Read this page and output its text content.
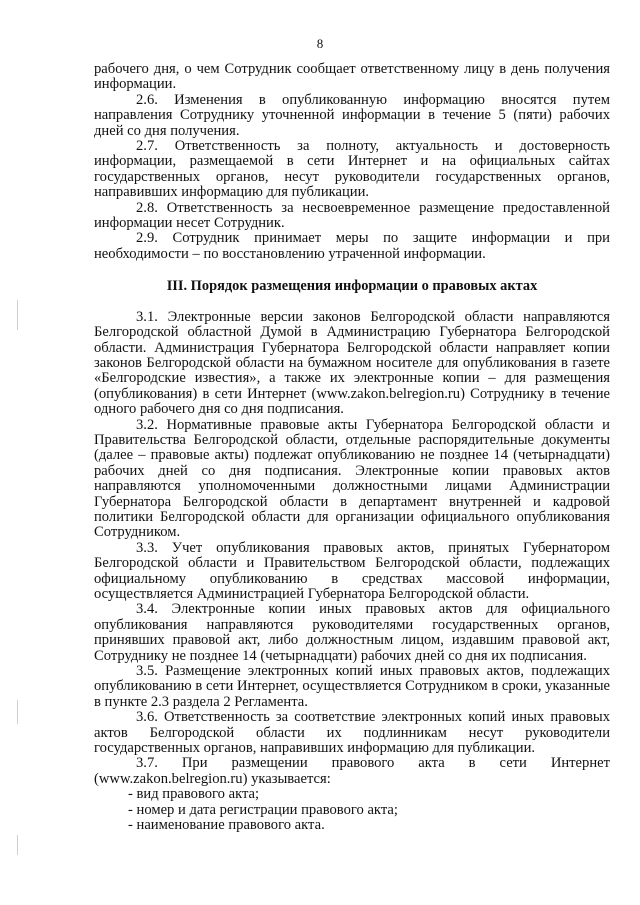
8

рабочего дня, о чем Сотрудник сообщает ответственному лицу в день получения информации.

2.6. Изменения в опубликованную информацию вносятся путем направления Сотруднику уточненной информации в течение 5 (пяти) рабочих дней со дня получения.

2.7. Ответственность за полноту, актуальность и достоверность информации, размещаемой в сети Интернет и на официальных сайтах государственных органов, несут руководители государственных органов, направивших информацию для публикации.

2.8. Ответственность за несвоевременное размещение предоставленной информации несет Сотрудник.

2.9. Сотрудник принимает меры по защите информации и при необходимости – по восстановлению утраченной информации.

III. Порядок размещения информации о правовых актах

3.1. Электронные версии законов Белгородской области направляются Белгородской областной Думой в Администрацию Губернатора Белгородской области. Администрация Губернатора Белгородской области направляет копии законов Белгородской области на бумажном носителе для опубликования в газете «Белгородские известия», а также их электронные копии – для размещения (опубликования) в сети Интернет (www.zakon.belregion.ru) Сотруднику в течение одного рабочего дня со дня подписания.

3.2. Нормативные правовые акты Губернатора Белгородской области и Правительства Белгородской области, отдельные распорядительные документы (далее – правовые акты) подлежат опубликованию не позднее 14 (четырнадцати) рабочих дней со дня подписания. Электронные копии правовых актов направляются уполномоченными должностными лицами Администрации Губернатора Белгородской области в департамент внутренней и кадровой политики Белгородской области для организации официального опубликования Сотрудником.

3.3. Учет опубликования правовых актов, принятых Губернатором Белгородской области и Правительством Белгородской области, подлежащих официальному опубликованию в средствах массовой информации, осуществляется Администрацией Губернатора Белгородской области.

3.4. Электронные копии иных правовых актов для официального опубликования направляются руководителями государственных органов, принявших правовой акт, либо должностным лицом, издавшим правовой акт, Сотруднику не позднее 14 (четырнадцати) рабочих дней со дня их подписания.

3.5. Размещение электронных копий иных правовых актов, подлежащих опубликованию в сети Интернет, осуществляется Сотрудником в сроки, указанные в пункте 2.3 раздела 2 Регламента.

3.6. Ответственность за соответствие электронных копий иных правовых актов Белгородской области их подлинникам несут руководители государственных органов, направивших информацию для публикации.

3.7. При размещении правового акта в сети Интернет (www.zakon.belregion.ru) указывается:

- вид правового акта;

- номер и дата регистрации правового акта;

- наименование правового акта.
